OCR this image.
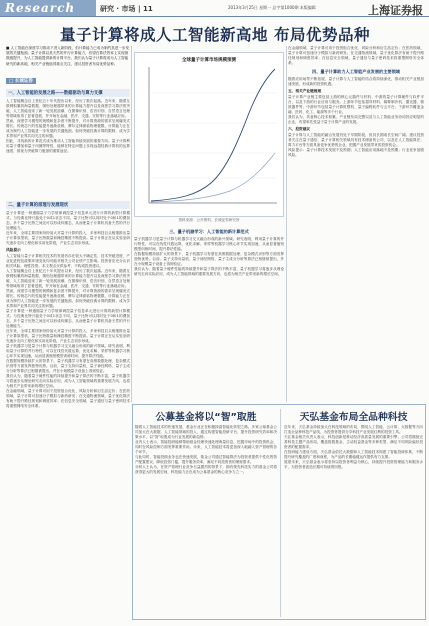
Research	研究 · 市场 | 11	2013年3月25日 星期一 总字第1000期 本版编辑	上海证券报
量子计算将成人工智能新高地 布局优势品种
■ 人工智能在深度学习推动下进入新阶段，但计算能力已成为制约其进一步发展的关键瓶颈。量子计算以其天然的并行计算能力，有望在算法效率上实现指数级提升，为人工智能提供新的计算平台。我们认为量子计算将成为人工智能研究的新高地，相关产业链值得重点关注，建议投资者布局优势品种。
□ 长城证券
一、人工智能的发展之路——数据驱动与算力支撑

人工智能概念自上世纪五十年代提出以来，经历了数次起落。近年来，随着互联网积累的海量数据、图形处理器带来的计算能力提升以及深度学习算法的突破，人工智能迎来了新一轮发展浪潮，在图像识别、语音识别、自然语言处理等领域取得了显著进展，并开始在金融、医疗、交通、安防等行业落地应用。

然而，深度学习模型的规模和复杂度不断提升，对计算资源的需求呈现爆发式增长。传统芯片的性能提升逐渐放缓，摩尔定律面临物理极限，计算能力正在成为制约人工智能进一步发展的关键瓶颈。如何突破经典计算的限制，成为学术界和产业界共同关注的问题。

因此，寻找新的计算范式成为推动人工智能持续发展的重要方向。量子计算利用量子叠加和量子纠缠等特性，能够在特定问题上实现远超经典计算机的运算速度，被视为突破算力瓶颈的重要途径。

二、量子计算的原理与发展现状

量子计算是一种遵循量子力学规律调控量子信息单元进行计算的新型计算模式。与经典比特只能处于0或1状态不同，量子比特可以同时处于0和1的叠加态，多个量子比特之间还可以形成纠缠态，从而使量子计算机具备天然的并行处理能力。

近年来，全球主要国家纷纷加大对量子计算的投入，多家科技巨头相继推出量子计算原型机，量子比特数量和操控精度不断提高。量子计算正在从实验室研究逐步走向工程化和实用化阶段，产业生态初步形成。

风险提示

人工智能与量子计算相关技术的发展仍存在较大不确定性，技术突破进度、产业化进程及政策环境变化均可能对相关公司业绩产生影响。投资者应充分认识相关风险，理性投资。本文观点仅供参考，不构成投资建议。

人工智能概念自上世纪五十年代提出以来，经历了数次起落。近年来，随着互联网积累的海量数据、图形处理器带来的计算能力提升以及深度学习算法的突破，人工智能迎来了新一轮发展浪潮，在图像识别、语音识别、自然语言处理等领域取得了显著进展，并开始在金融、医疗、交通、安防等行业落地应用。

然而，深度学习模型的规模和复杂度不断提升，对计算资源的需求呈现爆发式增长。传统芯片的性能提升逐渐放缓，摩尔定律面临物理极限，计算能力正在成为制约人工智能进一步发展的关键瓶颈。如何突破经典计算的限制，成为学术界和产业界共同关注的问题。

量子计算是一种遵循量子力学规律调控量子信息单元进行计算的新型计算模式。与经典比特只能处于0或1状态不同，量子比特可以同时处于0和1的叠加态，多个量子比特之间还可以形成纠缠态，从而使量子计算机具备天然的并行处理能力。

近年来，全球主要国家纷纷加大对量子计算的投入，多家科技巨头相继推出量子计算原型机，量子比特数量和操控精度不断提高。量子计算正在从实验室研究逐步走向工程化和实用化阶段，产业生态初步形成。

量子机器学习是量子计算与机器学习交叉融合形成的新兴领域。研究表明，利用量子计算的并行特性，可以在线性代数运算、优化求解、采样等机器学习核心环节实现加速，从而显著缩短模型训练时间，提升算法性能。

在数据规模持续扩大的背景下，量子机器学习有望在高维数据处理、复杂模式识别等方面发挥独特优势。目前，量子支持向量机、量子神经网络、量子主成分分析等算法已相继被提出，并在小规模量子设备上得到验证。

我们认为，随着量子硬件性能的持续提升和量子算法的不断丰富，量子机器学习将逐步从理论研究走向实际应用，成为人工智能领域的重要发展方向，也将为相关产业带来新的增长空间。

在金融领域，量子计算可用于投资组合优化、风险分析和衍生品定价；在医药领域，量子计算可加速分子模拟与新药研发；在交通物流领域，量子优化算法有助于提升路径规划和调度效率；在信息安全领域，量子通信与量子密码技术将重塑网络安全体系。

全球量子计算市场规模预测
资料来源：公开资料，长城证券研究所
三、量子机器学习：人工智能的新计算范式

量子机器学习是量子计算与机器学习交叉融合形成的新兴领域。研究表明，利用量子计算的并行特性，可以在线性代数运算、优化求解、采样等机器学习核心环节实现加速，从而显著缩短模型训练时间，提升算法性能。

在数据规模持续扩大的背景下，量子机器学习有望在高维数据处理、复杂模式识别等方面发挥独特优势。目前，量子支持向量机、量子神经网络、量子主成分分析等算法已相继被提出，并在小规模量子设备上得到验证。

我们认为，随着量子硬件性能的持续提升和量子算法的不断丰富，量子机器学习将逐步从理论研究走向实际应用，成为人工智能领域的重要发展方向，也将为相关产业带来新的增长空间。

在金融领域，量子计算可用于投资组合优化、风险分析和衍生品定价；在医药领域，量子计算可加速分子模拟与新药研发；在交通物流领域，量子优化算法有助于提升路径规划和调度效率；在信息安全领域，量子通信与量子密码技术将重塑网络安全体系。

四、量子计算助力人工智能产业发展的主要领域

随着应用场景不断拓展，量子计算与人工智能的结合将持续深化，推动相关产业链加速发展，形成新的投资机遇。

五、相关产业链梳理

量子计算产业链主要包括上游的核心元器件与材料、中游的量子计算硬件与软件平台，以及下游的行业应用与服务。上游环节包括超导材料、稀释制冷机、激光器、微波器件等；中游环节包括量子计算机整机、量子编程软件与云平台；下游环节覆盖金融、医药、化工、能源等多个行业。

我们认为，具备核心技术积累、产业链布局完整以及与人工智能业务协同效应明显的企业，有望率先受益于量子计算产业的发展。

六、投资建议

量子计算与人工智能的融合发展仍处于早期阶段，但其长期成长空间广阔。建议投资者关注在量子通信、量子计算相关领域具有技术储备的公司，以及在人工智能算法、算力平台等方面具备竞争优势的企业，把握产业发展带来的投资机会。

风险提示：量子计算技术发展不及预期；人工智能应用落地不及预期；行业竞争加剧风险。

公募基金将以“智”取胜

随着人工智能技术的快速发展，基金行业正在积极探索智能化转型之路。多家公募基金公司加大在大数据、人工智能领域的投入，通过构建智能投研平台，提升投资研究效率和决策水平，以“智”取胜成为行业发展的新趋势。

业内人士表示，智能投研能够帮助基金经理快速处理海量信息，挖掘市场中的投资机会，同时在风险控制方面发挥重要作用。未来，人工智能技术将更加深入地融入资产管理的各个环节。

与此同时，智能投顾业务也在快速发展，基金公司通过智能算法为投资者提供个性化的资产配置建议，降低投资门槛，提升服务效率，满足不同投资者的理财需求。

分析人士认为，在资产管理行业竞争日益激烈的背景下，拥有领先科技实力的基金公司将获得更大的发展空间，科技能力正在成为公募基金的核心竞争力之一。

天弘基金布局全品种科技

近年来，天弘基金持续加大在科技领域的布局，围绕人工智能、云计算、大数据等方向打造全品种科技产品线，为投资者提供分享科技产业发展红利的投资工具。

天弘基金相关负责人表示，科技创新是推动经济高质量发展的重要引擎，公司将继续完善科技主题产品布局，覆盖指数基金、主动权益基金等多种类型，满足不同风险偏好投资者的配置需求。

在投研能力建设方面，天弘基金依托大数据和人工智能技术构建了智能投研体系，不断提升研究覆盖的广度和深度，为产品的长期稳健运作提供有力支撑。

展望未来，天弘基金表示将坚持以投资者利益为核心，持续提升投资管理能力和服务水平，为投资者创造长期可持续的回报。
